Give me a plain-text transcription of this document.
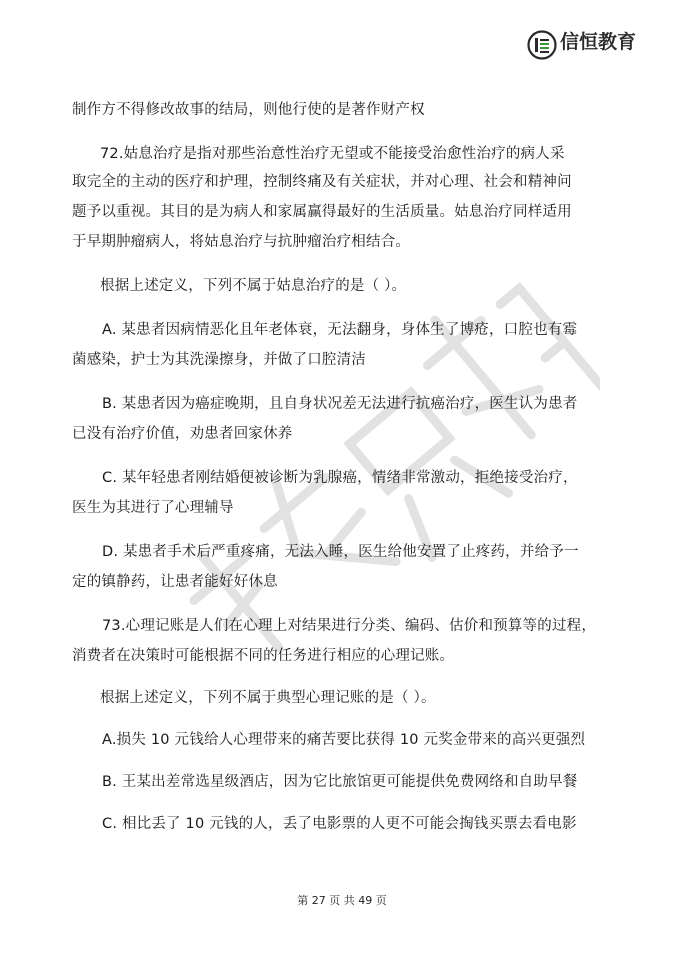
信恒教育

制作方不得修改故事的结局，则他行使的是著作财产权
72.姑息治疗是指对那些治意性治疗无望或不能接受治愈性治疗的病人采
取完全的主动的医疗和护理，控制终痛及有关症状，并对心理、社会和精神问
题予以重视。其目的是为病人和家属赢得最好的生活质量。姑息治疗同样适用
于早期肿瘤病人，将姑息治疗与抗肿瘤治疗相结合。
根据上述定义，下列不属于姑息治疗的是（ ）。
A. 某患者因病情恶化且年老体衰，无法翻身，身体生了博疮，口腔也有霉
菌感染，护士为其洗澡擦身，并做了口腔清洁
B. 某患者因为癌症晚期，且自身状况差无法进行抗癌治疗，医生认为患者
已没有治疗价值，劝患者回家休养
C. 某年轻患者刚结婚便被诊断为乳腺癌，情绪非常激动，拒绝接受治疗，
医生为其进行了心理辅导
D. 某患者手术后严重疼痛，无法入睡，医生给他安置了止疼药，并给予一
定的镇静药，让患者能好好休息
73.心理记账是人们在心理上对结果进行分类、编码、估价和预算等的过程，
消费者在决策时可能根据不同的任务进行相应的心理记账。
根据上述定义，下列不属于典型心理记账的是（ ）。
A.损失 10 元钱给人心理带来的痛苦要比获得 10 元奖金带来的高兴更强烈
B. 王某出差常选星级酒店，因为它比旅馆更可能提供免费网络和自助早餐
C. 相比丢了 10 元钱的人，丢了电影票的人更不可能会掏钱买票去看电影
第 27 页 共 49 页
